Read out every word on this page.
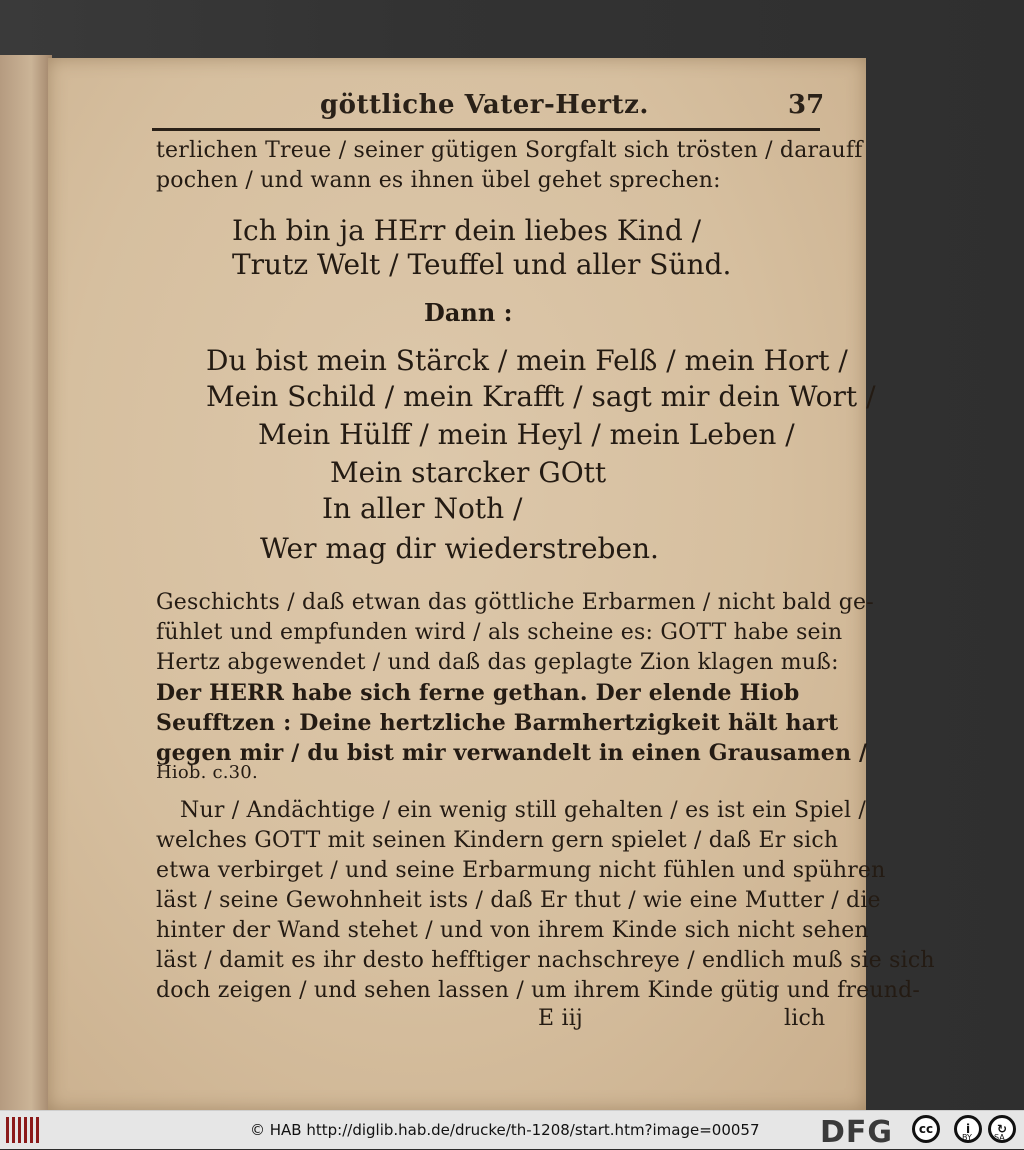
göttliche Vater-Hertz.	37
terlichen Treue / seiner gütigen Sorgfalt sich trösten / darauff
pochen / und wann es ihnen übel gehet sprechen:
Ich bin ja HErr dein liebes Kind /
Trutz Welt / Teuffel und aller Sünd.
Dann :
Du bist mein Stärck / mein Felß / mein Hort /
Mein Schild / mein Krafft / sagt mir dein Wort /
Mein Hülff / mein Heyl / mein Leben /
Mein starcker GOtt
In aller Noth /
Wer mag dir wiederstreben.
Geschichts / daß etwan das göttliche Erbarmen / nicht bald ge-
fühlet und empfunden wird / als scheine es: GOTT habe sein
Hertz abgewendet / und daß das geplagte Zion klagen muß:
Der HERR habe sich ferne gethan. Der elende Hiob
Seufftzen : Deine hertzliche Barmhertzigkeit hält hart
gegen mir / du bist mir verwandelt in einen Grausamen /
Hiob. c.30.
Nur / Andächtige / ein wenig still gehalten / es ist ein Spiel /
welches GOTT mit seinen Kindern gern spielet / daß Er sich
etwa verbirget / und seine Erbarmung nicht fühlen und spühren
läst / seine Gewohnheit ists / daß Er thut / wie eine Mutter / die
hinter der Wand stehet / und von ihrem Kinde sich nicht sehen
läst / damit es ihr desto hefftiger nachschreye / endlich muß sie sich
doch zeigen / und sehen lassen / um ihrem Kinde gütig und freund-
E iij	lich
© HAB http://diglib.hab.de/drucke/th-1208/start.htm?image=00057 DFG	cc	i	↻
BY	SA
